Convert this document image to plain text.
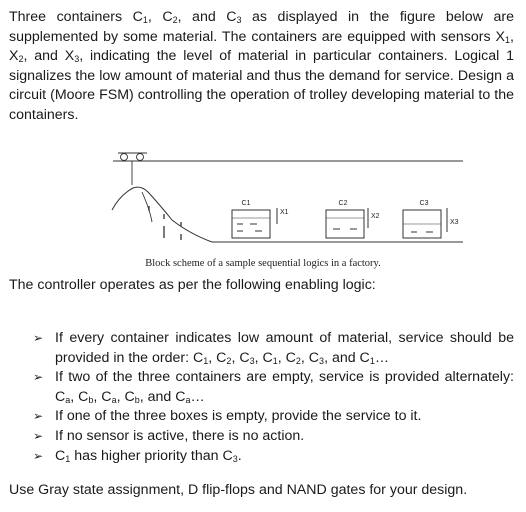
Three containers $C_1$, $C_2$, and $C_3$ as displayed in the figure below are supplemented by some material. The containers are equipped with sensors $X_1$, $X_2$, and $X_3$, indicating the level of material in particular containers. Logical 1 signalizes the low amount of material and thus the demand for service. Design a circuit (Moore FSM) controlling the operation of trolley developing material to the containers.
C1
X1
C2
X2
C3
X3
Block scheme of a sample sequential logics in a factory.
The controller operates as per the following enabling logic:
➢ If every container indicates low amount of material, service should be provided in the order: $C_1$, $C_2$, $C_3$, $C_1$, $C_2$, $C_3$, and $C_1\dots$
➢ If two of the three containers are empty, service is provided alternately: $C_a$, $C_b$, $C_a$, $C_b$, and $C_a\dots$
➢ If one of the three boxes is empty, provide the service to it.
➢ If no sensor is active, there is no action.
➢ $C_1$ has higher priority than $C_3$.
Use Gray state assignment, D flip-flops and NAND gates for your design.
